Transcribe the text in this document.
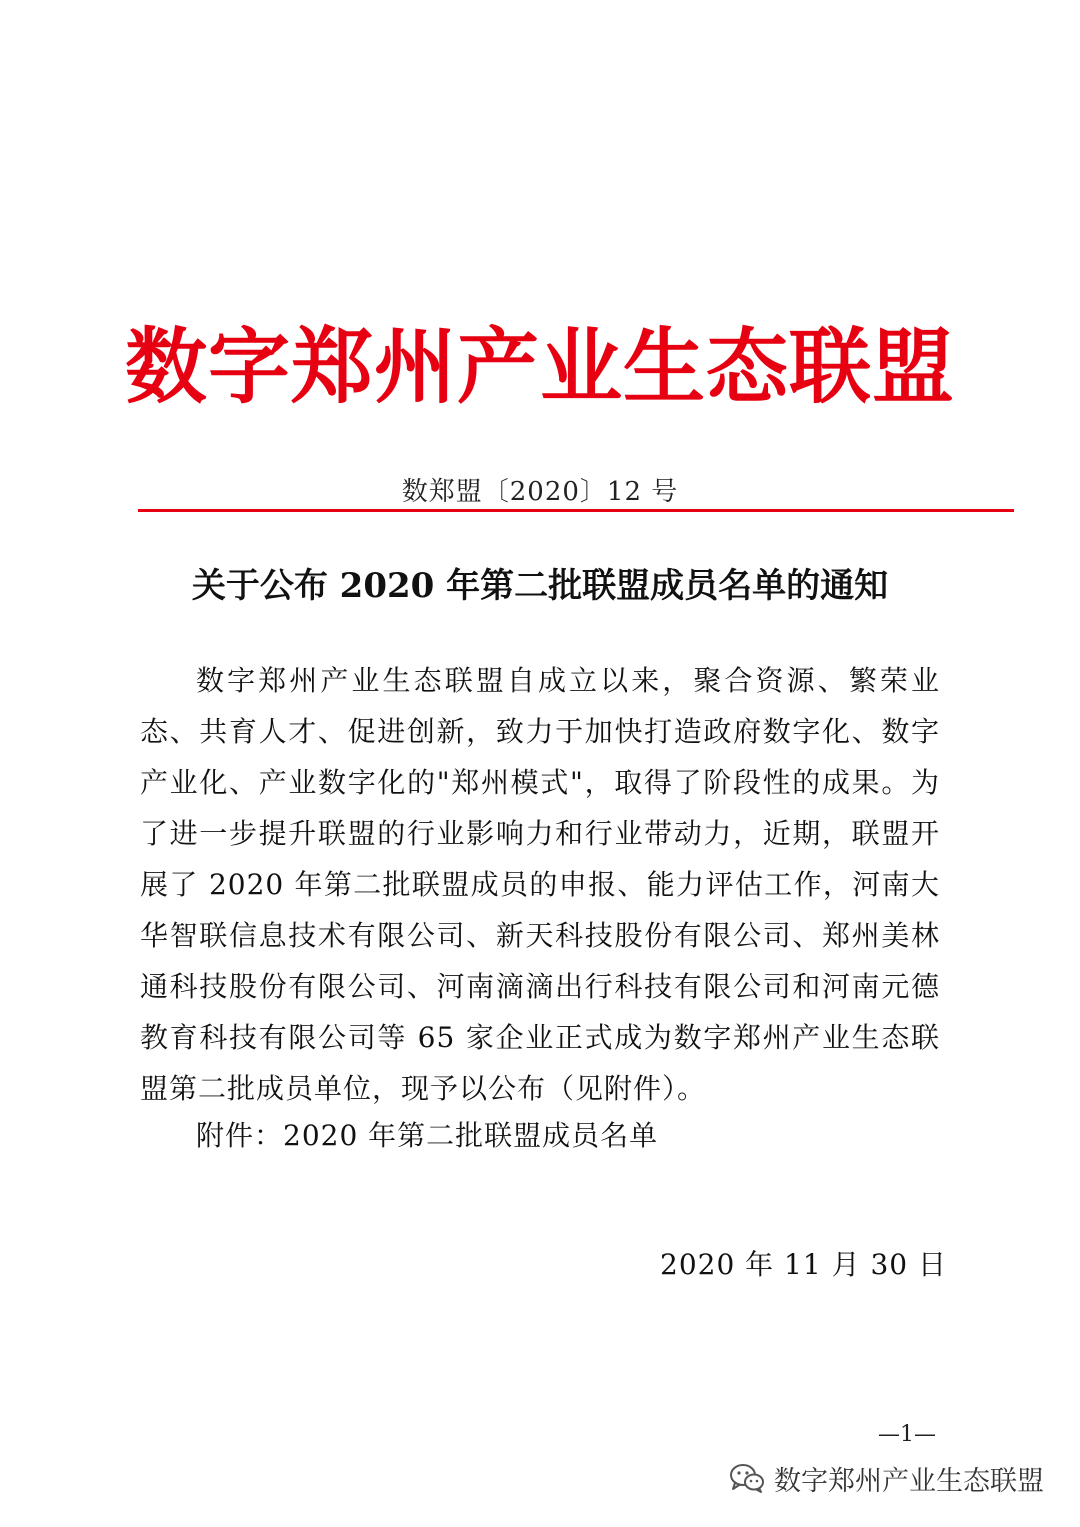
数字郑州产业生态联盟
数郑盟〔2020〕12 号
关于公布 2020 年第二批联盟成员名单的通知

数字郑州产业生态联盟自成立以来，聚合资源、繁荣业态、共育人才、促进创新，致力于加快打造政府数字化、数字产业化、产业数字化的"郑州模式"，取得了阶段性的成果。为了进一步提升联盟的行业影响力和行业带动力，近期，联盟开展了 2020 年第二批联盟成员的申报、能力评估工作，河南大华智联信息技术有限公司、新天科技股份有限公司、郑州美林通科技股份有限公司、河南滴滴出行科技有限公司和河南元德教育科技有限公司等 65 家企业正式成为数字郑州产业生态联盟第二批成员单位，现予以公布（见附件）。

附件：2020 年第二批联盟成员名单
2020 年 11 月 30 日
—1—
数字郑州产业生态联盟
